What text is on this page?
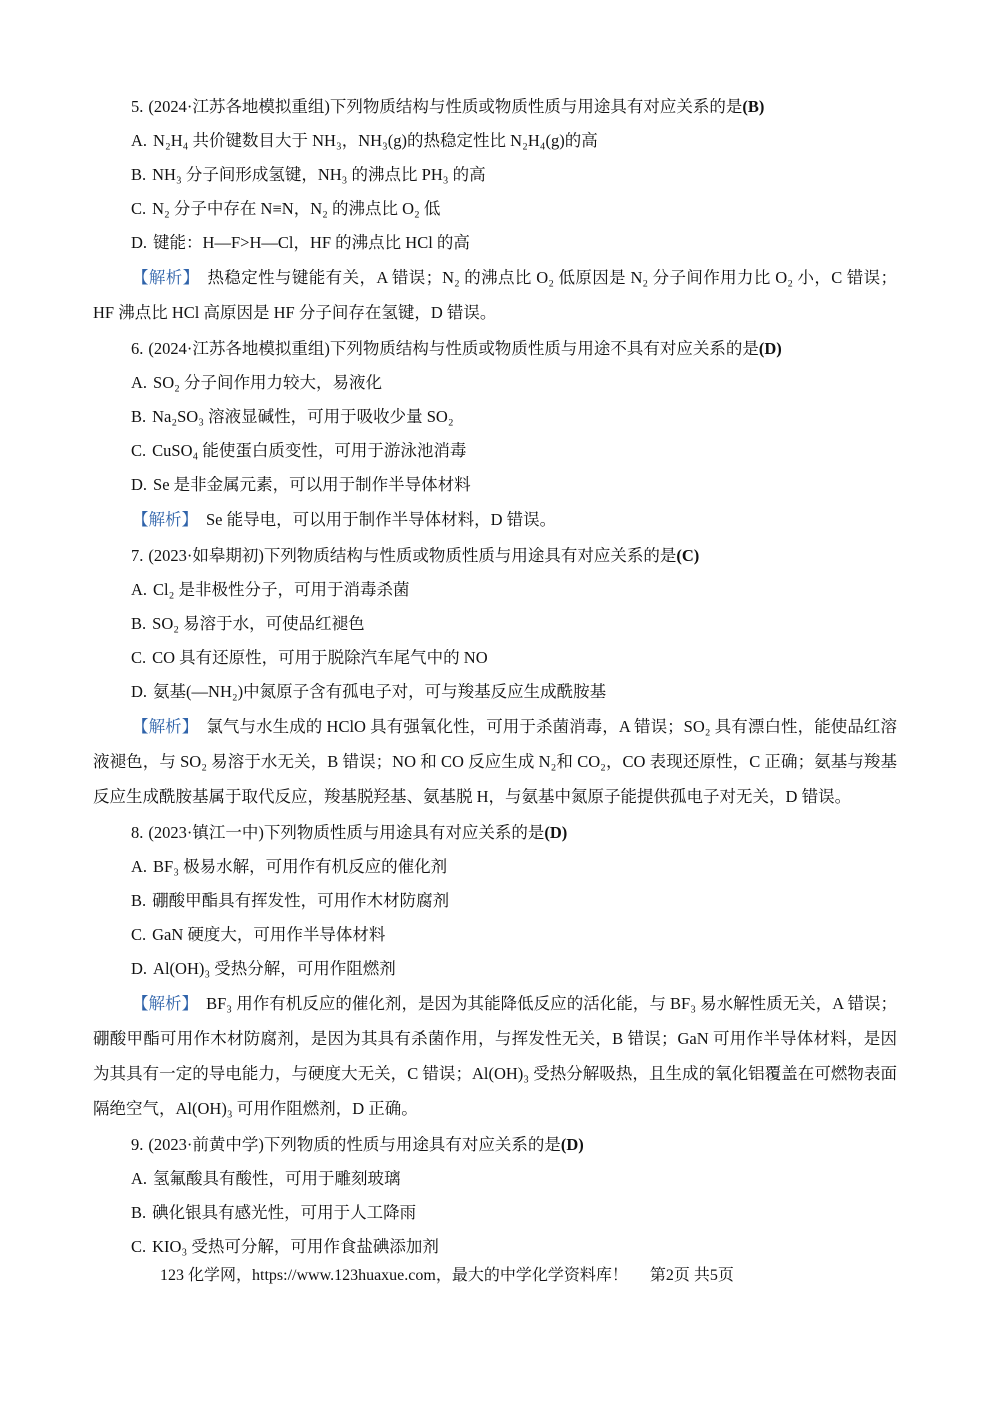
5. (2024·江苏各地模拟重组)下列物质结构与性质或物质性质与用途具有对应关系的是(B)
A. N₂H₄ 共价键数目大于 NH₃，NH₃(g)的热稳定性比 N₂H₄(g)的高
B. NH₃ 分子间形成氢键，NH₃ 的沸点比 PH₃ 的高
C. N₂ 分子中存在 N≡N，N₂ 的沸点比 O₂ 低
D. 键能：H—F>H—Cl，HF 的沸点比 HCl 的高

【解析】 热稳定性与键能有关，A 错误；N₂ 的沸点比 O₂ 低原因是 N₂ 分子间作用力比 O₂ 小，C 错误；HF 沸点比 HCl 高原因是 HF 分子间存在氢键，D 错误。

6. (2024·江苏各地模拟重组)下列物质结构与性质或物质性质与用途不具有对应关系的是(D)
A. SO₂ 分子间作用力较大，易液化
B. Na₂SO₃ 溶液显碱性，可用于吸收少量 SO₂
C. CuSO₄ 能使蛋白质变性，可用于游泳池消毒
D. Se 是非金属元素，可以用于制作半导体材料

【解析】 Se 能导电，可以用于制作半导体材料，D 错误。

7. (2023·如皋期初)下列物质结构与性质或物质性质与用途具有对应关系的是(C)
A. Cl₂ 是非极性分子，可用于消毒杀菌
B. SO₂ 易溶于水，可使品红褪色
C. CO 具有还原性，可用于脱除汽车尾气中的 NO
D. 氨基(—NH₂)中氮原子含有孤电子对，可与羧基反应生成酰胺基

【解析】 氯气与水生成的 HClO 具有强氧化性，可用于杀菌消毒，A 错误；SO₂ 具有漂白性，能使品红溶液褪色，与 SO₂ 易溶于水无关，B 错误；NO 和 CO 反应生成 N₂和 CO₂，CO 表现还原性，C 正确；氨基与羧基反应生成酰胺基属于取代反应，羧基脱羟基、氨基脱 H，与氨基中氮原子能提供孤电子对无关，D 错误。

8. (2023·镇江一中)下列物质性质与用途具有对应关系的是(D)
A. BF₃ 极易水解，可用作有机反应的催化剂
B. 硼酸甲酯具有挥发性，可用作木材防腐剂
C. GaN 硬度大，可用作半导体材料
D. Al(OH)₃ 受热分解，可用作阻燃剂

【解析】 BF₃ 用作有机反应的催化剂，是因为其能降低反应的活化能，与 BF₃ 易水解性质无关，A 错误；硼酸甲酯可用作木材防腐剂，是因为其具有杀菌作用，与挥发性无关，B 错误；GaN 可用作半导体材料，是因为其具有一定的导电能力，与硬度大无关，C 错误；Al(OH)₃ 受热分解吸热，且生成的氧化铝覆盖在可燃物表面隔绝空气，Al(OH)₃ 可用作阻燃剂，D 正确。

9. (2023·前黄中学)下列物质的性质与用途具有对应关系的是(D)
A. 氢氟酸具有酸性，可用于雕刻玻璃
B. 碘化银具有感光性，可用于人工降雨
C. KIO₃ 受热可分解，可用作食盐碘添加剂
123 化学网，https://www.123huaxue.com，最大的中学化学资料库！ 第2页 共5页
